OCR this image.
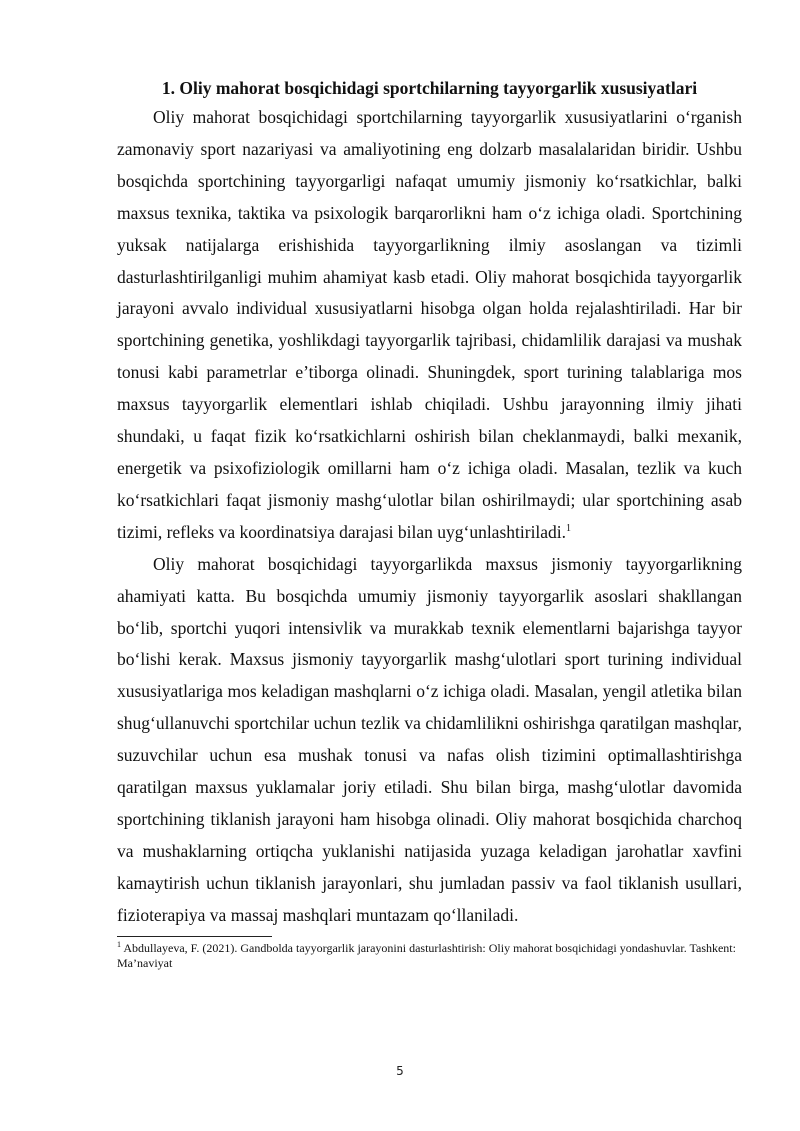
1. Oliy mahorat bosqichidagi sportchilarning tayyorgarlik xususiyatlari

Oliy mahorat bosqichidagi sportchilarning tayyorgarlik xususiyatlarini o‘rganish zamonaviy sport nazariyasi va amaliyotining eng dolzarb masalalaridan biridir. Ushbu bosqichda sportchining tayyorgarligi nafaqat umumiy jismoniy ko‘rsatkichlar, balki maxsus texnika, taktika va psixologik barqarorlikni ham o‘z ichiga oladi. Sportchining yuksak natijalarga erishishida tayyorgarlikning ilmiy asoslangan va tizimli dasturlashtirilganligi muhim ahamiyat kasb etadi. Oliy mahorat bosqichida tayyorgarlik jarayoni avvalo individual xususiyatlarni hisobga olgan holda rejalashtiriladi. Har bir sportchining genetika, yoshlikdagi tayyorgarlik tajribasi, chidamlilik darajasi va mushak tonusi kabi parametrlar e’tiborga olinadi. Shuningdek, sport turining talablariga mos maxsus tayyorgarlik elementlari ishlab chiqiladi. Ushbu jarayonning ilmiy jihati shundaki, u faqat fizik ko‘rsatkichlarni oshirish bilan cheklanmaydi, balki mexanik, energetik va psixofiziologik omillarni ham o‘z ichiga oladi. Masalan, tezlik va kuch ko‘rsatkichlari faqat jismoniy mashg‘ulotlar bilan oshirilmaydi; ular sportchining asab tizimi, refleks va koordinatsiya darajasi bilan uyg‘unlashtiriladi.$^1$

Oliy mahorat bosqichidagi tayyorgarlikda maxsus jismoniy tayyorgarlikning ahamiyati katta. Bu bosqichda umumiy jismoniy tayyorgarlik asoslari shakllangan bo‘lib, sportchi yuqori intensivlik va murakkab texnik elementlarni bajarishga tayyor bo‘lishi kerak. Maxsus jismoniy tayyorgarlik mashg‘ulotlari sport turining individual xususiyatlariga mos keladigan mashqlarni o‘z ichiga oladi. Masalan, yengil atletika bilan shug‘ullanuvchi sportchilar uchun tezlik va chidamlilikni oshirishga qaratilgan mashqlar, suzuvchilar uchun esa mushak tonusi va nafas olish tizimini optimallashtirishga qaratilgan maxsus yuklamalar joriy etiladi. Shu bilan birga, mashg‘ulotlar davomida sportchining tiklanish jarayoni ham hisobga olinadi. Oliy mahorat bosqichida charchoq va mushaklarning ortiqcha yuklanishi natijasida yuzaga keladigan jarohatlar xavfini kamaytirish uchun tiklanish jarayonlari, shu jumladan passiv va faol tiklanish usullari, fizioterapiya va massaj mashqlari muntazam qo‘llaniladi.

$^1$ Abdullayeva, F. (2021). Gandbolda tayyorgarlik jarayonini dasturlashtirish: Oliy mahorat bosqichidagi yondashuvlar. Tashkent: Ma’naviyat

5
